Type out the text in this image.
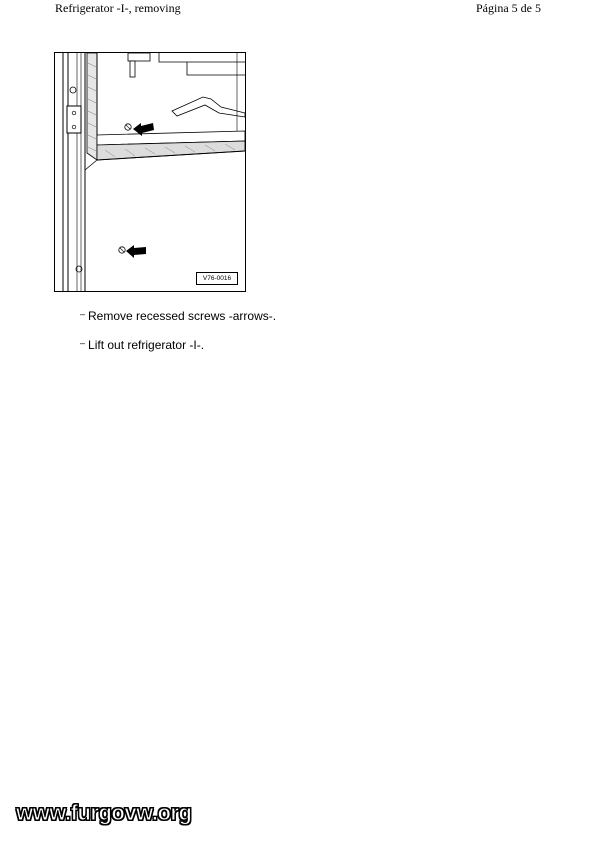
Refrigerator -I-, removing	Página 5 de 5
V76-0016
– Remove recessed screws -arrows-.
– Lift out refrigerator -I-.
www.furgovw.org
